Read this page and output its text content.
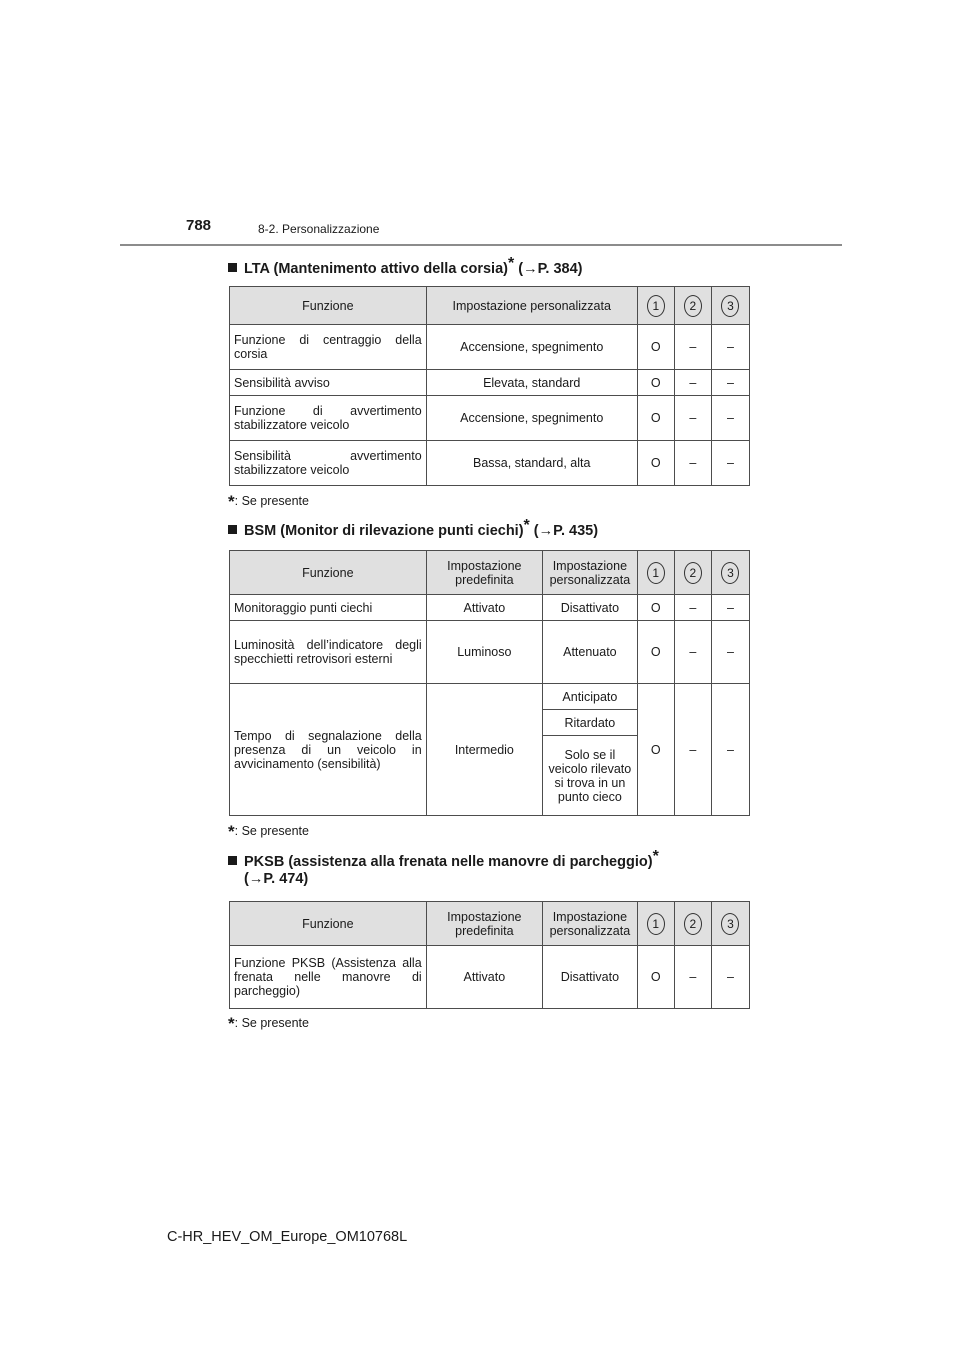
788	8-2. Personalizzazione
LTA (Mantenimento attivo della corsia)* (→P. 384)
Funzione	Impostazione personalizzata	1	2	3
Funzione di centraggio della corsia	Accensione, spegnimento	O	–	–
Sensibilità avviso	Elevata, standard	O	–	–
Funzione di avvertimento stabilizzatore veicolo	Accensione, spegnimento	O	–	–
Sensibilità avvertimento stabilizzatore veicolo	Bassa, standard, alta	O	–	–
*: Se presente
BSM (Monitor di rilevazione punti ciechi)* (→P. 435)
Funzione	Impostazione predefinita	Impostazione personalizzata	1	2	3
Monitoraggio punti ciechi	Attivato	Disattivato	O	–	–
Luminosità dell’indicatore degli specchietti retrovisori esterni	Luminoso	Attenuato	O	–	–
Tempo di segnalazione della presenza di un veicolo in avvicinamento (sensibilità)	Intermedio	Anticipato	O	–	–
		Ritardato			
		Solo se il veicolo rilevato si trova in un punto cieco			
*: Se presente
PKSB (assistenza alla frenata nelle manovre di parcheggio)*
(→P. 474)
Funzione	Impostazione predefinita	Impostazione personalizzata	1	2	3
Funzione PKSB (Assistenza alla frenata nelle manovre di parcheggio)	Attivato	Disattivato	O	–	–
*: Se presente
C-HR_HEV_OM_Europe_OM10768L
